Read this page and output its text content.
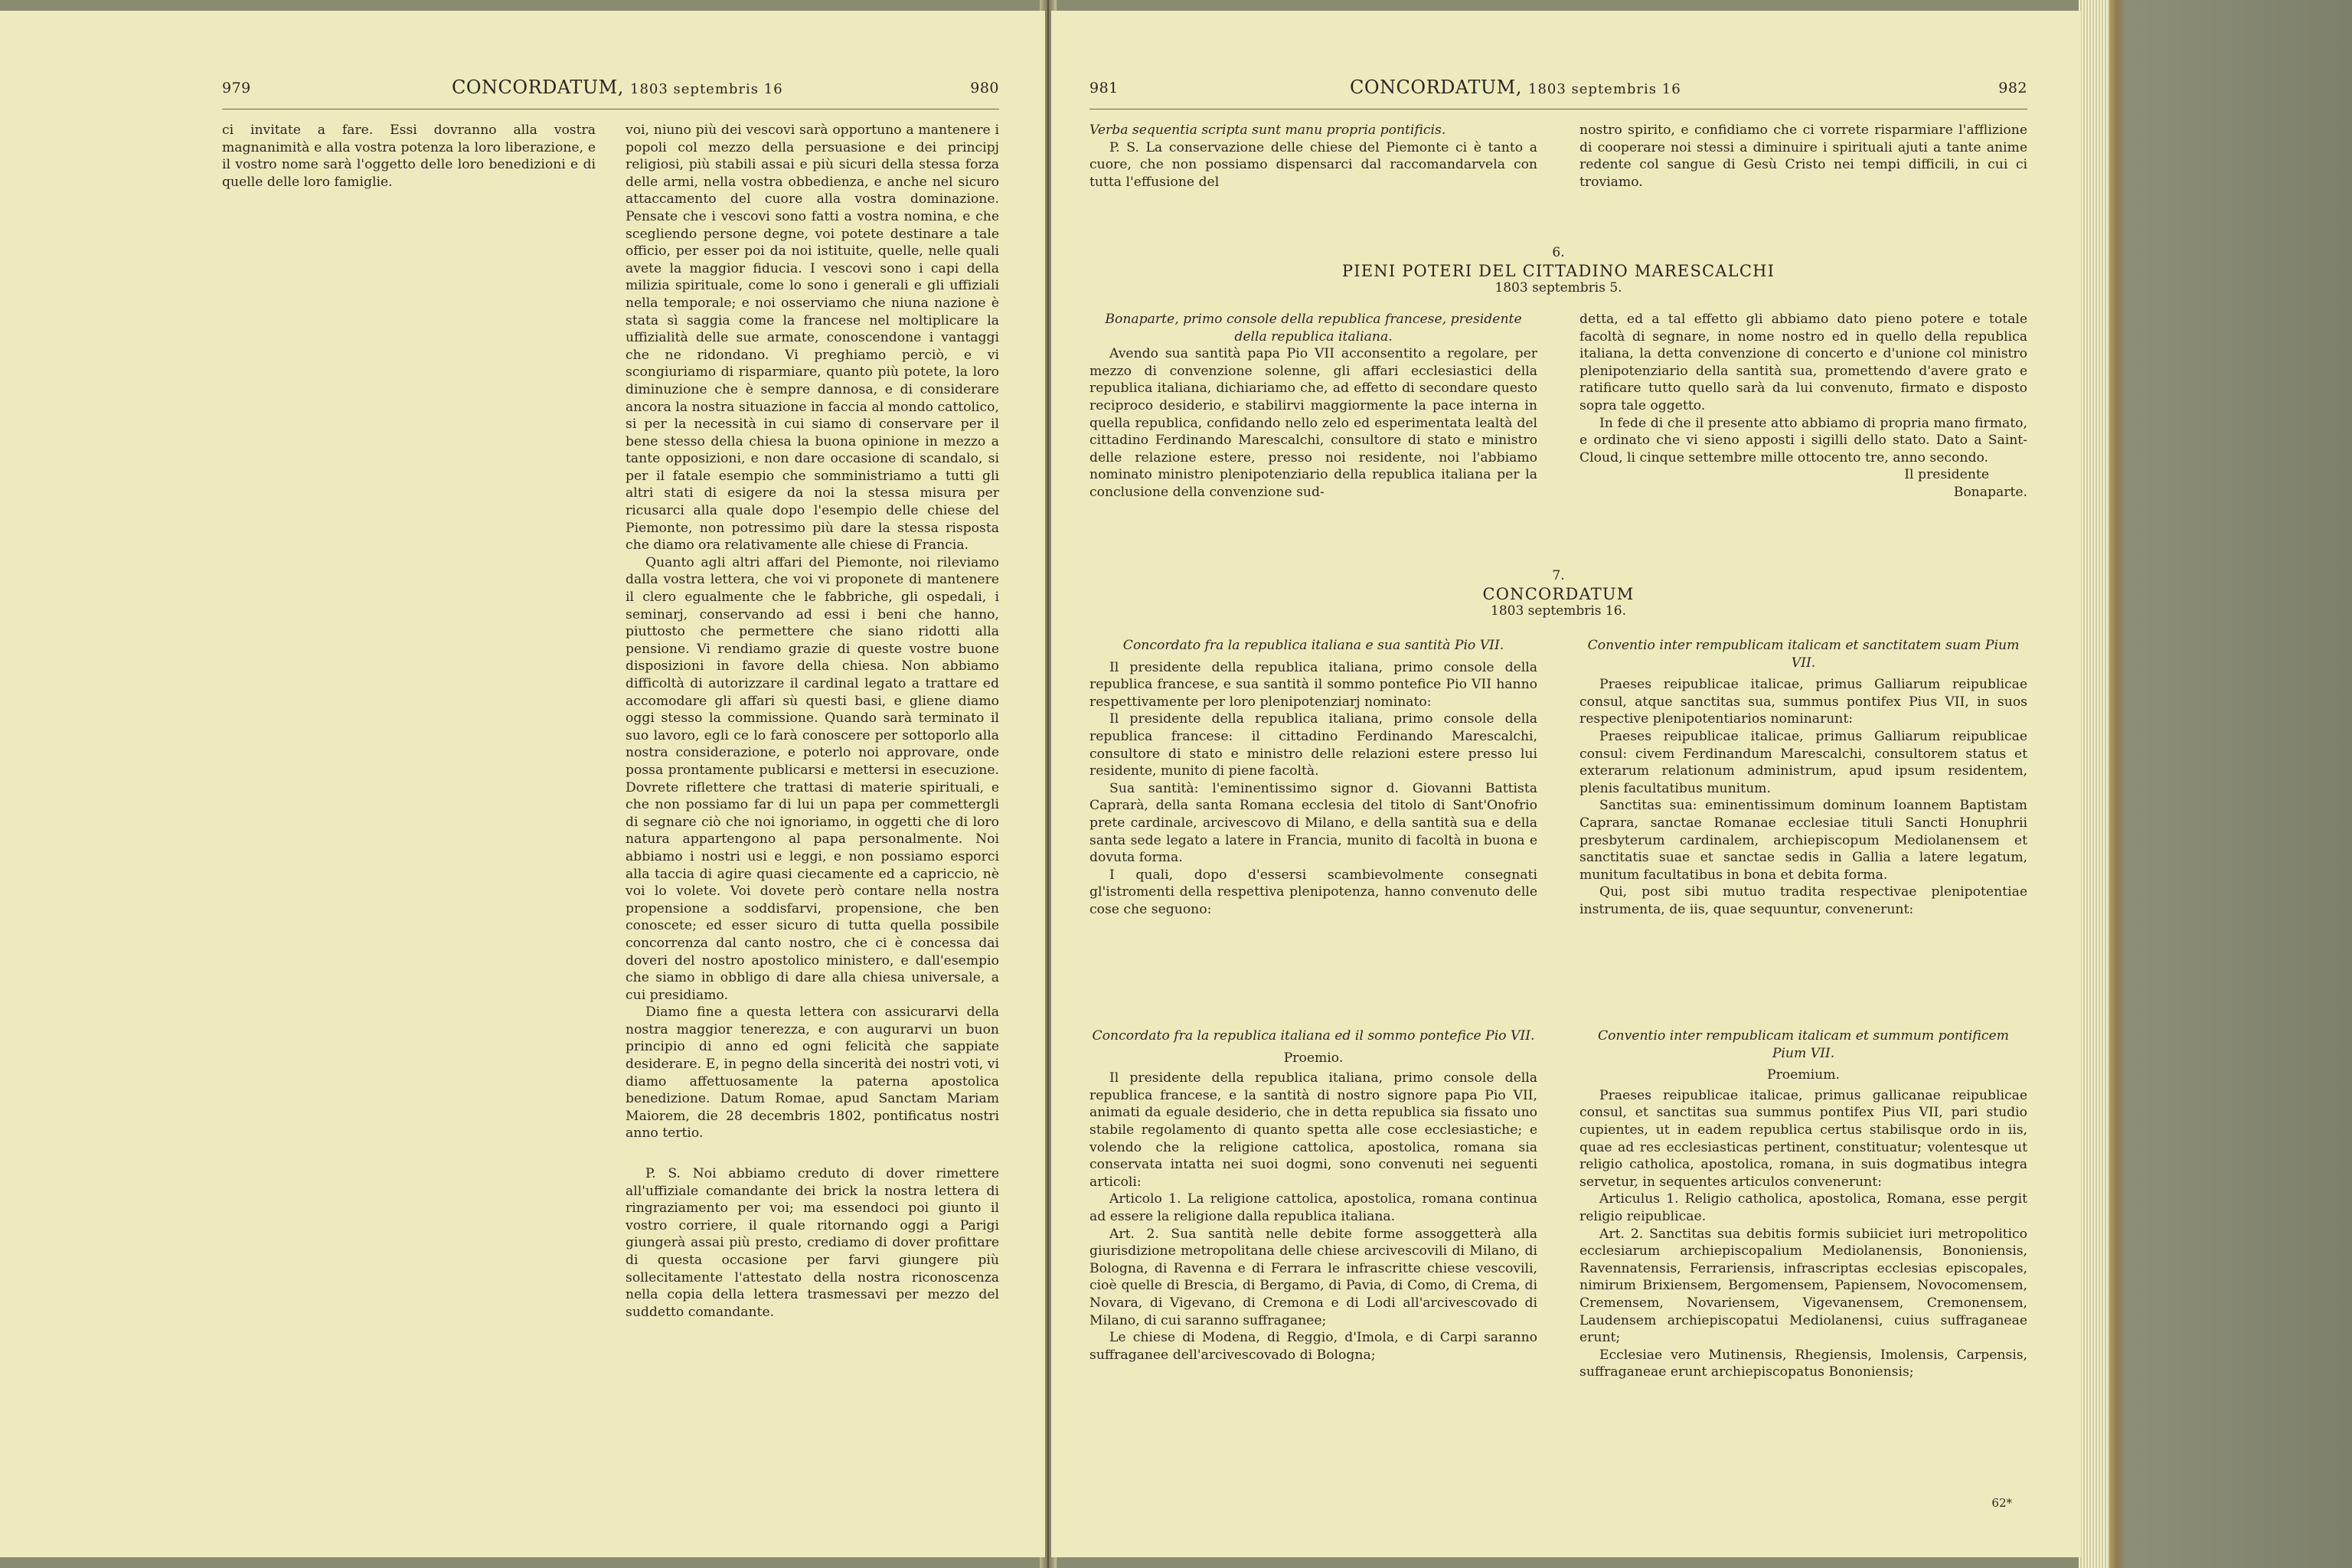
979	CONCORDATUM, 1803 septembris 16	980

ci invitate a fare. Essi dovranno alla vostra magnanimità e alla vostra potenza la loro liberazione, e il vostro nome sarà l'oggetto delle loro benedizioni e di quelle delle loro famiglie.

voi, niuno più dei vescovi sarà opportuno a mantenere i popoli col mezzo della persuasione e dei principj religiosi, più stabili assai e più sicuri della stessa forza delle armi, nella vostra obbedienza, e anche nel sicuro attaccamento del cuore alla vostra dominazione. Pensate che i vescovi sono fatti a vostra nomina, e che scegliendo persone degne, voi potete destinare a tale officio, per esser poi da noi istituite, quelle, nelle quali avete la maggior fiducia. I vescovi sono i capi della milizia spirituale, come lo sono i generali e gli uffiziali nella temporale; e noi osserviamo che niuna nazione è stata sì saggia come la francese nel moltiplicare la uffizialità delle sue armate, conoscendone i vantaggi che ne ridondano. Vi preghiamo perciò, e vi scongiuriamo di risparmiare, quanto più potete, la loro diminuzione che è sempre dannosa, e di considerare ancora la nostra situazione in faccia al mondo cattolico, si per la necessità in cui siamo di conservare per il bene stesso della chiesa la buona opinione in mezzo a tante opposizioni, e non dare occasione di scandalo, si per il fatale esempio che somministriamo a tutti gli altri stati di esigere da noi la stessa misura per ricusarci alla quale dopo l'esempio delle chiese del Piemonte, non potressimo più dare la stessa risposta che diamo ora relativamente alle chiese di Francia.

Quanto agli altri affari del Piemonte, noi rileviamo dalla vostra lettera, che voi vi proponete di mantenere il clero egualmente che le fabbriche, gli ospedali, i seminarj, conservando ad essi i beni che hanno, piuttosto che permettere che siano ridotti alla pensione. Vi rendiamo grazie di queste vostre buone disposizioni in favore della chiesa. Non abbiamo difficoltà di autorizzare il cardinal legato a trattare ed accomodare gli affari sù questi basi, e gliene diamo oggi stesso la commissione. Quando sarà terminato il suo lavoro, egli ce lo farà conoscere per sottoporlo alla nostra considerazione, e poterlo noi approvare, onde possa prontamente publicarsi e mettersi in esecuzione. Dovrete riflettere che trattasi di materie spirituali, e che non possiamo far di lui un papa per commettergli di segnare ciò che noi ignoriamo, in oggetti che di loro natura appartengono al papa personalmente. Noi abbiamo i nostri usi e leggi, e non possiamo esporci alla taccia di agire quasi ciecamente ed a capriccio, nè voi lo volete. Voi dovete però contare nella nostra propensione a soddisfarvi, propensione, che ben conoscete; ed esser sicuro di tutta quella possibile concorrenza dal canto nostro, che ci è concessa dai doveri del nostro apostolico ministero, e dall'esempio che siamo in obbligo di dare alla chiesa universale, a cui presidiamo.

Diamo fine a questa lettera con assicurarvi della nostra maggior tenerezza, e con augurarvi un buon principio di anno ed ogni felicità che sappiate desiderare. E, in pegno della sincerità dei nostri voti, vi diamo affettuosamente la paterna apostolica benedizione. Datum Romae, apud Sanctam Mariam Maiorem, die 28 decembris 1802, pontificatus nostri anno tertio.

P. S. Noi abbiamo creduto di dover rimettere all'uffiziale comandante dei brick la nostra lettera di ringraziamento per voi; ma essendoci poi giunto il vostro corriere, il quale ritornando oggi a Parigi giungerà assai più presto, crediamo di dover profittare di questa occasione per farvi giungere più sollecitamente l'attestato della nostra riconoscenza nella copia della lettera trasmessavi per mezzo del suddetto comandante.

981	CONCORDATUM, 1803 septembris 16	982

Verba sequentia scripta sunt manu propria pontificis.

P. S. La conservazione delle chiese del Piemonte ci è tanto a cuore, che non possiamo dispensarci dal raccomandarvela con tutta l'effusione del

nostro spirito, e confidiamo che ci vorrete risparmiare l'afflizione di cooperare noi stessi a diminuire i spirituali ajuti a tante anime redente col sangue di Gesù Cristo nei tempi difficili, in cui ci troviamo.

6.
PIENI POTERI DEL CITTADINO MARESCALCHI
1803 septembris 5.

Bonaparte, primo console della republica francese, presidente della republica italiana.

Avendo sua santità papa Pio VII acconsentito a regolare, per mezzo di convenzione solenne, gli affari ecclesiastici della republica italiana, dichiariamo che, ad effetto di secondare questo reciproco desiderio, e stabilirvi maggiormente la pace interna in quella republica, confidando nello zelo ed esperimentata lealtà del cittadino Ferdinando Marescalchi, consultore di stato e ministro delle relazione estere, presso noi residente, noi l'abbiamo nominato ministro plenipotenziario della republica italiana per la conclusione della convenzione sud-

detta, ed a tal effetto gli abbiamo dato pieno potere e totale facoltà di segnare, in nome nostro ed in quello della republica italiana, la detta convenzione di concerto e d'unione col ministro plenipotenziario della santità sua, promettendo d'avere grato e ratificare tutto quello sarà da lui convenuto, firmato e disposto sopra tale oggetto.

In fede di che il presente atto abbiamo di propria mano firmato, e ordinato che vi sieno apposti i sigilli dello stato. Dato a Saint-Cloud, li cinque settembre mille ottocento tre, anno secondo.

Il presidente

Bonaparte.

7.
CONCORDATUM
1803 septembris 16.
Concordato fra la republica italiana e sua santità Pio VII.

Il presidente della republica italiana, primo console della republica francese, e sua santità il sommo pontefice Pio VII hanno respettivamente per loro plenipotenziarj nominato:

Il presidente della republica italiana, primo console della republica francese: il cittadino Ferdinando Marescalchi, consultore di stato e ministro delle relazioni estere presso lui residente, munito di piene facoltà.

Sua santità: l'eminentissimo signor d. Giovanni Battista Caprarà, della santa Romana ecclesia del titolo di Sant'Onofrio prete cardinale, arcivescovo di Milano, e della santità sua e della santa sede legato a latere in Francia, munito di facoltà in buona e dovuta forma.

I quali, dopo d'essersi scambievolmente consegnati gl'istromenti della respettiva plenipotenza, hanno convenuto delle cose che seguono:

Conventio inter rempublicam italicam et sanctitatem suam Pium VII.

Praeses reipublicae italicae, primus Galliarum reipublicae consul, atque sanctitas sua, summus pontifex Pius VII, in suos respective plenipotentiarios nominarunt:

Praeses reipublicae italicae, primus Galliarum reipublicae consul: civem Ferdinandum Marescalchi, consultorem status et exterarum relationum administrum, apud ipsum residentem, plenis facultatibus munitum.

Sanctitas sua: eminentissimum dominum Ioannem Baptistam Caprara, sanctae Romanae ecclesiae tituli Sancti Honuphrii presbyterum cardinalem, archiepiscopum Mediolanensem et sanctitatis suae et sanctae sedis in Gallia a latere legatum, munitum facultatibus in bona et debita forma.

Qui, post sibi mutuo tradita respectivae plenipotentiae instrumenta, de iis, quae sequuntur, convenerunt:

Concordato fra la republica italiana ed il sommo pontefice Pio VII.
Proemio.

Il presidente della republica italiana, primo console della republica francese, e la santità di nostro signore papa Pio VII, animati da eguale desiderio, che in detta republica sia fissato uno stabile regolamento di quanto spetta alle cose ecclesiastiche; e volendo che la religione cattolica, apostolica, romana sia conservata intatta nei suoi dogmi, sono convenuti nei seguenti articoli:

Articolo 1. La religione cattolica, apostolica, romana continua ad essere la religione dalla republica italiana.

Art. 2. Sua santità nelle debite forme assoggetterà alla giurisdizione metropolitana delle chiese arcivescovili di Milano, di Bologna, di Ravenna e di Ferrara le infrascritte chiese vescovili, cioè quelle di Brescia, di Bergamo, di Pavia, di Como, di Crema, di Novara, di Vigevano, di Cremona e di Lodi all'arcivescovado di Milano, di cui saranno suffraganee;

Le chiese di Modena, di Reggio, d'Imola, e di Carpi saranno suffraganee dell'arcivescovado di Bologna;

Conventio inter rempublicam italicam et summum pontificem Pium VII.
Proemium.

Praeses reipublicae italicae, primus gallicanae reipublicae consul, et sanctitas sua summus pontifex Pius VII, pari studio cupientes, ut in eadem republica certus stabilisque ordo in iis, quae ad res ecclesiasticas pertinent, constituatur; volentesque ut religio catholica, apostolica, romana, in suis dogmatibus integra servetur, in sequentes articulos convenerunt:

Articulus 1. Religio catholica, apostolica, Romana, esse pergit religio reipublicae.

Art. 2. Sanctitas sua debitis formis subiiciet iuri metropolitico ecclesiarum archiepiscopalium Mediolanensis, Bononiensis, Ravennatensis, Ferrariensis, infrascriptas ecclesias episcopales, nimirum Brixiensem, Bergomensem, Papiensem, Novocomensem, Cremensem, Novariensem, Vigevanensem, Cremonensem, Laudensem archiepiscopatui Mediolanensi, cuius suffraganeae erunt;

Ecclesiae vero Mutinensis, Rhegiensis, Imolensis, Carpensis, suffraganeae erunt archiepiscopatus Bononiensis;

62*
